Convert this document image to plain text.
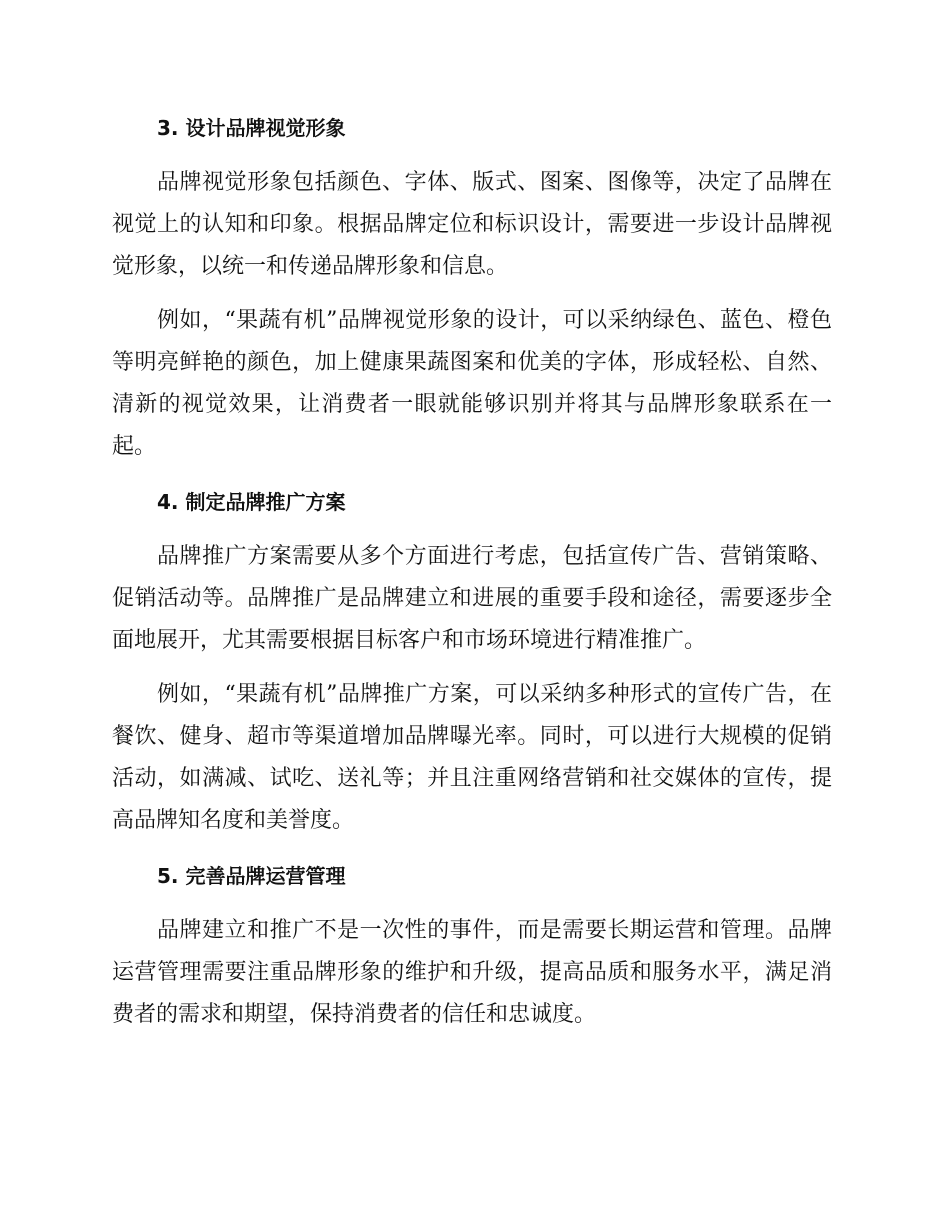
3. 设计品牌视觉形象

品牌视觉形象包括颜色、字体、版式、图案、图像等，决定了品牌在视觉上的认知和印象。根据品牌定位和标识设计，需要进一步设计品牌视觉形象，以统一和传递品牌形象和信息。

例如，“果蔬有机”品牌视觉形象的设计，可以采纳绿色、蓝色、橙色等明亮鲜艳的颜色，加上健康果蔬图案和优美的字体，形成轻松、自然、清新的视觉效果，让消费者一眼就能够识别并将其与品牌形象联系在一起。

4. 制定品牌推广方案

品牌推广方案需要从多个方面进行考虑，包括宣传广告、营销策略、促销活动等。品牌推广是品牌建立和进展的重要手段和途径，需要逐步全面地展开，尤其需要根据目标客户和市场环境进行精准推广。

例如，“果蔬有机”品牌推广方案，可以采纳多种形式的宣传广告，在餐饮、健身、超市等渠道增加品牌曝光率。同时，可以进行大规模的促销活动，如满减、试吃、送礼等；并且注重网络营销和社交媒体的宣传，提高品牌知名度和美誉度。

5. 完善品牌运营管理

品牌建立和推广不是一次性的事件，而是需要长期运营和管理。品牌运营管理需要注重品牌形象的维护和升级，提高品质和服务水平，满足消费者的需求和期望，保持消费者的信任和忠诚度。
